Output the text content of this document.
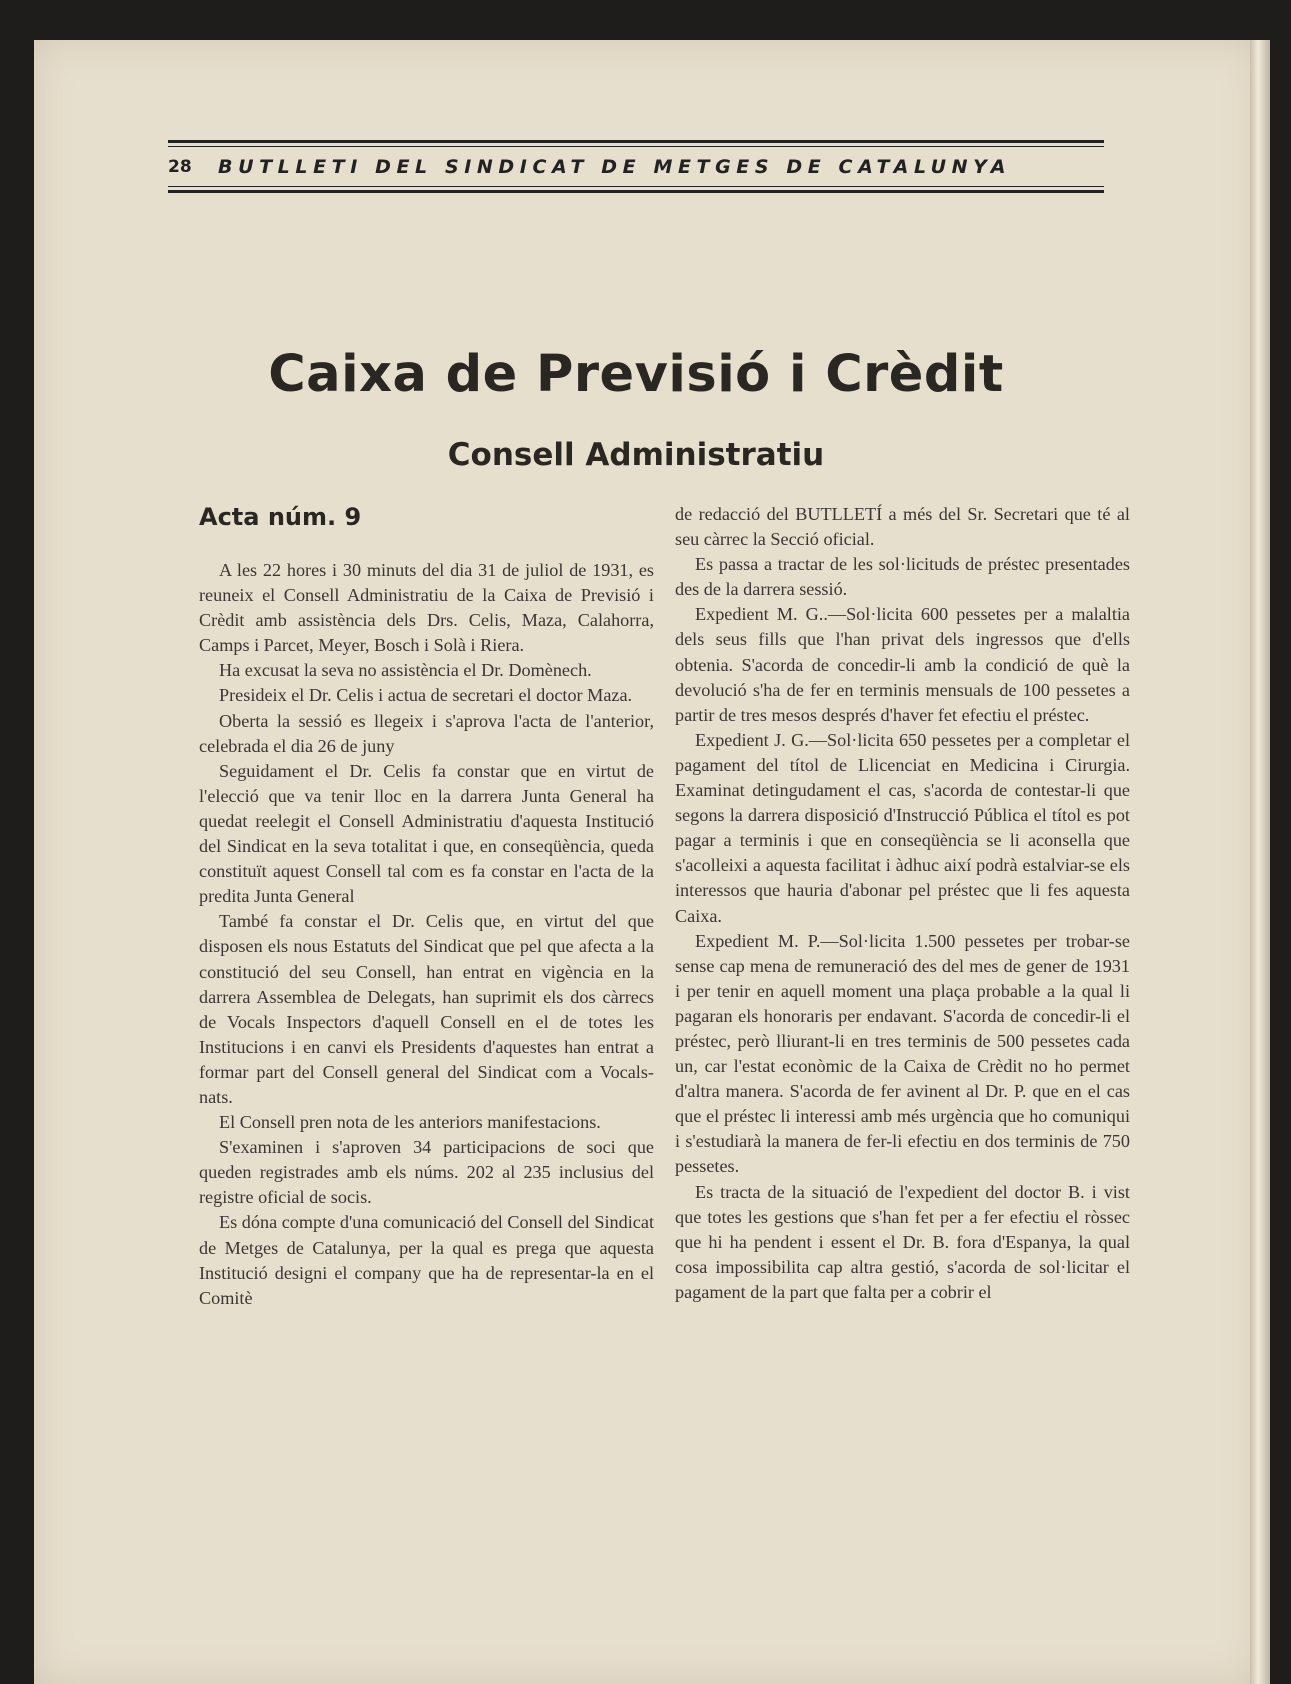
28 BUTLLETI DEL SINDICAT DE METGES DE CATALUNYA
Caixa de Previsió i Crèdit
Consell Administratiu
Acta núm. 9

A les 22 hores i 30 minuts del dia 31 de juliol de 1931, es reuneix el Consell Administratiu de la Caixa de Previsió i Crèdit amb assistència dels Drs. Celis, Maza, Calahorra, Camps i Parcet, Meyer, Bosch i Solà i Riera.

Ha excusat la seva no assistència el Dr. Domènech.

Presideix el Dr. Celis i actua de secretari el doctor Maza.

Oberta la sessió es llegeix i s'aprova l'acta de l'anterior, celebrada el dia 26 de juny

Seguidament el Dr. Celis fa constar que en virtut de l'elecció que va tenir lloc en la darrera Junta General ha quedat reelegit el Consell Administratiu d'aquesta Institució del Sindicat en la seva totalitat i que, en conseqüència, queda constituït aquest Consell tal com es fa constar en l'acta de la predita Junta General

També fa constar el Dr. Celis que, en virtut del que disposen els nous Estatuts del Sindicat que pel que afecta a la constitució del seu Consell, han entrat en vigència en la darrera Assemblea de Delegats, han suprimit els dos càrrecs de Vocals Inspectors d'aquell Consell en el de totes les Institucions i en canvi els Presidents d'aquestes han entrat a formar part del Consell general del Sindicat com a Vocals-nats.

El Consell pren nota de les anteriors manifestacions.

S'examinen i s'aproven 34 participacions de soci que queden registrades amb els núms. 202 al 235 inclusius del registre oficial de socis.

Es dóna compte d'una comunicació del Consell del Sindicat de Metges de Catalunya, per la qual es prega que aquesta Institució designi el company que ha de representar-la en el Comitè

de redacció del BUTLLETÍ a més del Sr. Secretari que té al seu càrrec la Secció oficial.

Es passa a tractar de les sol·licituds de préstec presentades des de la darrera sessió.

Expedient M. G..—Sol·licita 600 pessetes per a malaltia dels seus fills que l'han privat dels ingressos que d'ells obtenia. S'acorda de concedir-li amb la condició de què la devolució s'ha de fer en terminis mensuals de 100 pessetes a partir de tres mesos després d'haver fet efectiu el préstec.

Expedient J. G.—Sol·licita 650 pessetes per a completar el pagament del títol de Llicenciat en Medicina i Cirurgia. Examinat detingudament el cas, s'acorda de contestar-li que segons la darrera disposició d'Instrucció Pública el títol es pot pagar a terminis i que en conseqüència se li aconsella que s'acolleixi a aquesta facilitat i àdhuc així podrà estalviar-se els interessos que hauria d'abonar pel préstec que li fes aquesta Caixa.

Expedient M. P.—Sol·licita 1.500 pessetes per trobar-se sense cap mena de remuneració des del mes de gener de 1931 i per tenir en aquell moment una plaça probable a la qual li pagaran els honoraris per endavant. S'acorda de concedir-li el préstec, però lliurant-li en tres terminis de 500 pessetes cada un, car l'estat econòmic de la Caixa de Crèdit no ho permet d'altra manera. S'acorda de fer avinent al Dr. P. que en el cas que el préstec li interessi amb més urgència que ho comuniqui i s'estudiarà la manera de fer-li efectiu en dos terminis de 750 pessetes.

Es tracta de la situació de l'expedient del doctor B. i vist que totes les gestions que s'han fet per a fer efectiu el ròssec que hi ha pendent i essent el Dr. B. fora d'Espanya, la qual cosa impossibilita cap altra gestió, s'acorda de sol·licitar el pagament de la part que falta per a cobrir el
